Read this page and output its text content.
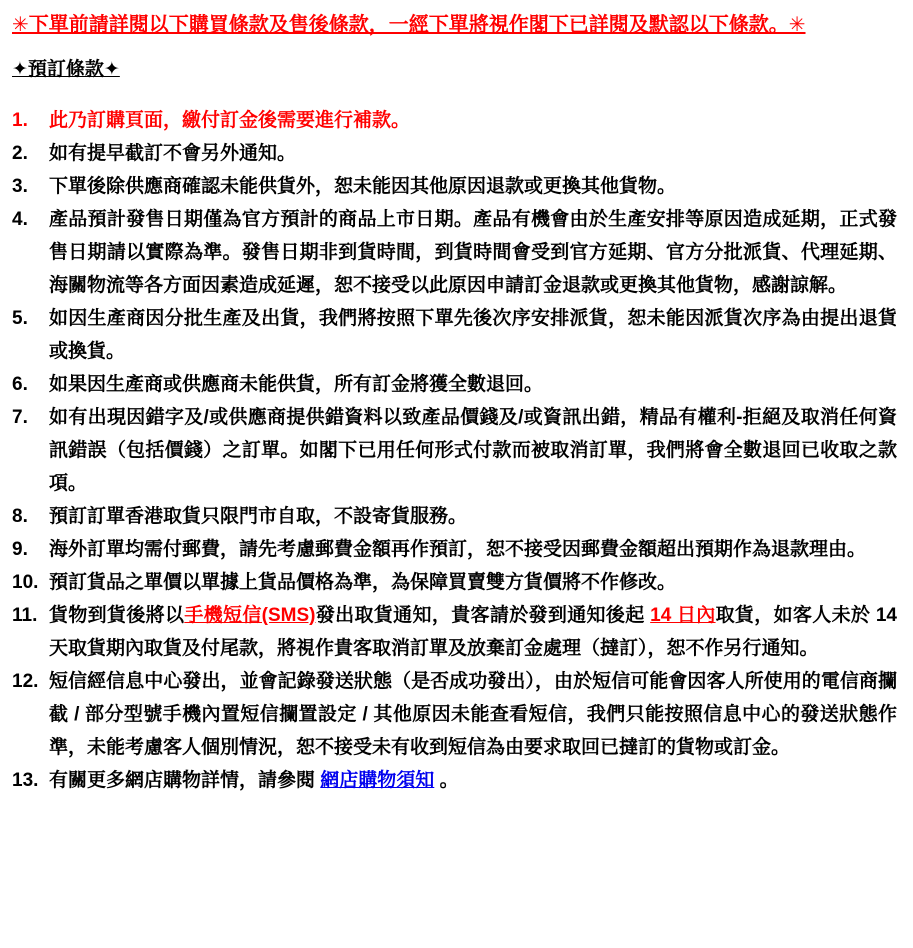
✳下單前請詳閱以下購買條款及售後條款，一經下單將視作閣下已詳閱及默認以下條款。✳
✦預訂條款✦
1.	此乃訂購頁面，繳付訂金後需要進行補款。
2.	如有提早截訂不會另外通知。
3.	下單後除供應商確認未能供貨外，恕未能因其他原因退款或更換其他貨物。
4.	產品預計發售日期僅為官方預計的商品上市日期。產品有機會由於生產安排等原因造成延期，正式發售日期請以實際為準。發售日期非到貨時間，到貨時間會受到官方延期、官方分批派貨、代理延期、海關物流等各方面因素造成延遲，恕不接受以此原因申請訂金退款或更換其他貨物，感謝諒解。
5.	如因生產商因分批生產及出貨，我們將按照下單先後次序安排派貨，恕未能因派貨次序為由提出退貨或換貨。
6.	如果因生產商或供應商未能供貨，所有訂金將獲全數退回。
7.	如有出現因錯字及/或供應商提供錯資料以致產品價錢及/或資訊出錯，精品有權利-拒絕及取消任何資訊錯誤（包括價錢）之訂單。如閣下已用任何形式付款而被取消訂單，我們將會全數退回已收取之款項。
8.	預訂訂單香港取貨只限門市自取，不設寄貨服務。
9.	海外訂單均需付郵費，請先考慮郵費金額再作預訂，恕不接受因郵費金額超出預期作為退款理由。
10. 預訂貨品之單價以單據上貨品價格為準，為保障買賣雙方貨價將不作修改。
11. 貨物到貨後將以手機短信(SMS)發出取貨通知，貴客請於發到通知後起 14 日內取貨，如客人未於 14 天取貨期內取貨及付尾款，將視作貴客取消訂單及放棄訂金處理（撻訂），恕不作另行通知。
12. 短信經信息中心發出，並會記錄發送狀態（是否成功發出），由於短信可能會因客人所使用的電信商攔截 / 部分型號手機內置短信攔置設定 / 其他原因未能查看短信，我們只能按照信息中心的發送狀態作準，未能考慮客人個別情況，恕不接受未有收到短信為由要求取回已撻訂的貨物或訂金。
13. 有關更多網店購物詳情，請參閱 網店購物須知 。
